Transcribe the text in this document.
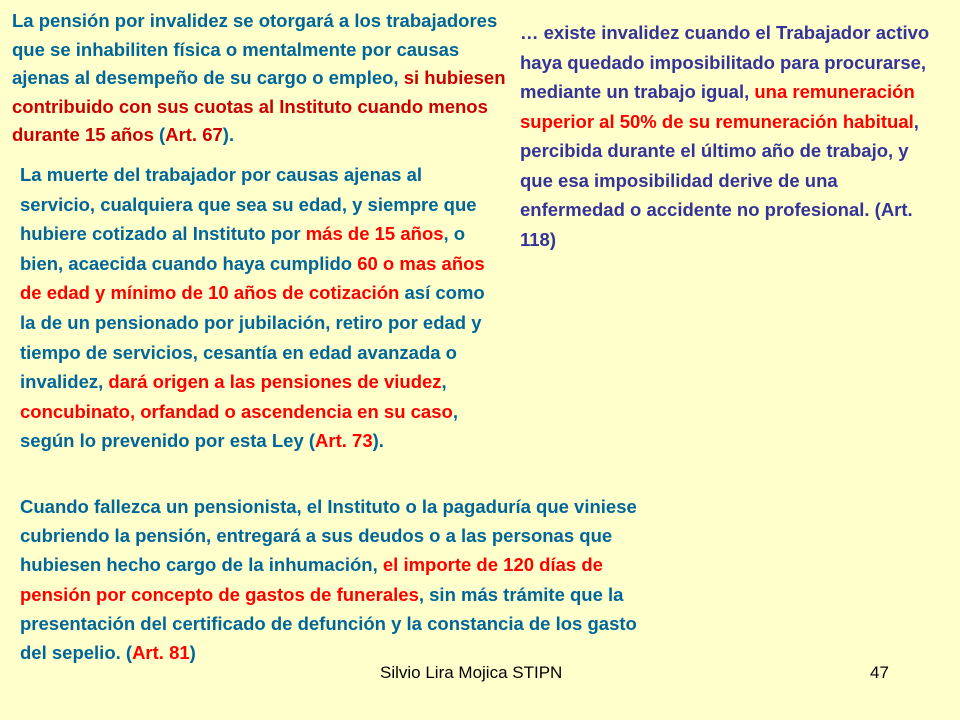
La pensión por invalidez se otorgará a los trabajadores que se inhabiliten física o mentalmente por causas ajenas al desempeño de su cargo o empleo, si hubiesen contribuido con sus cuotas al Instituto cuando menos durante 15 años (Art. 67).

La muerte del trabajador por causas ajenas al servicio, cualquiera que sea su edad, y siempre que hubiere cotizado al Instituto por más de 15 años, o bien, acaecida cuando haya cumplido 60 o mas años de edad y mínimo de 10 años de cotización así como la de un pensionado por jubilación, retiro por edad y tiempo de servicios, cesantía en edad avanzada o invalidez, dará origen a las pensiones de viudez, concubinato, orfandad o ascendencia en su caso, según lo prevenido por esta Ley (Art. 73).

… existe invalidez cuando el Trabajador activo haya quedado imposibilitado para procurarse, mediante un trabajo igual, una remuneración superior al 50% de su remuneración habitual, percibida durante el último año de trabajo, y que esa imposibilidad derive de una enfermedad o accidente no profesional. (Art. 118)

Cuando fallezca un pensionista, el Instituto o la pagaduría que viniese cubriendo la pensión, entregará a sus deudos o a las personas que hubiesen hecho cargo de la inhumación, el importe de 120 días de pensión por concepto de gastos de funerales, sin más trámite que la presentación del certificado de defunción y la constancia de los gasto del sepelio. (Art. 81)

Silvio Lira Mojica STIPN	47
